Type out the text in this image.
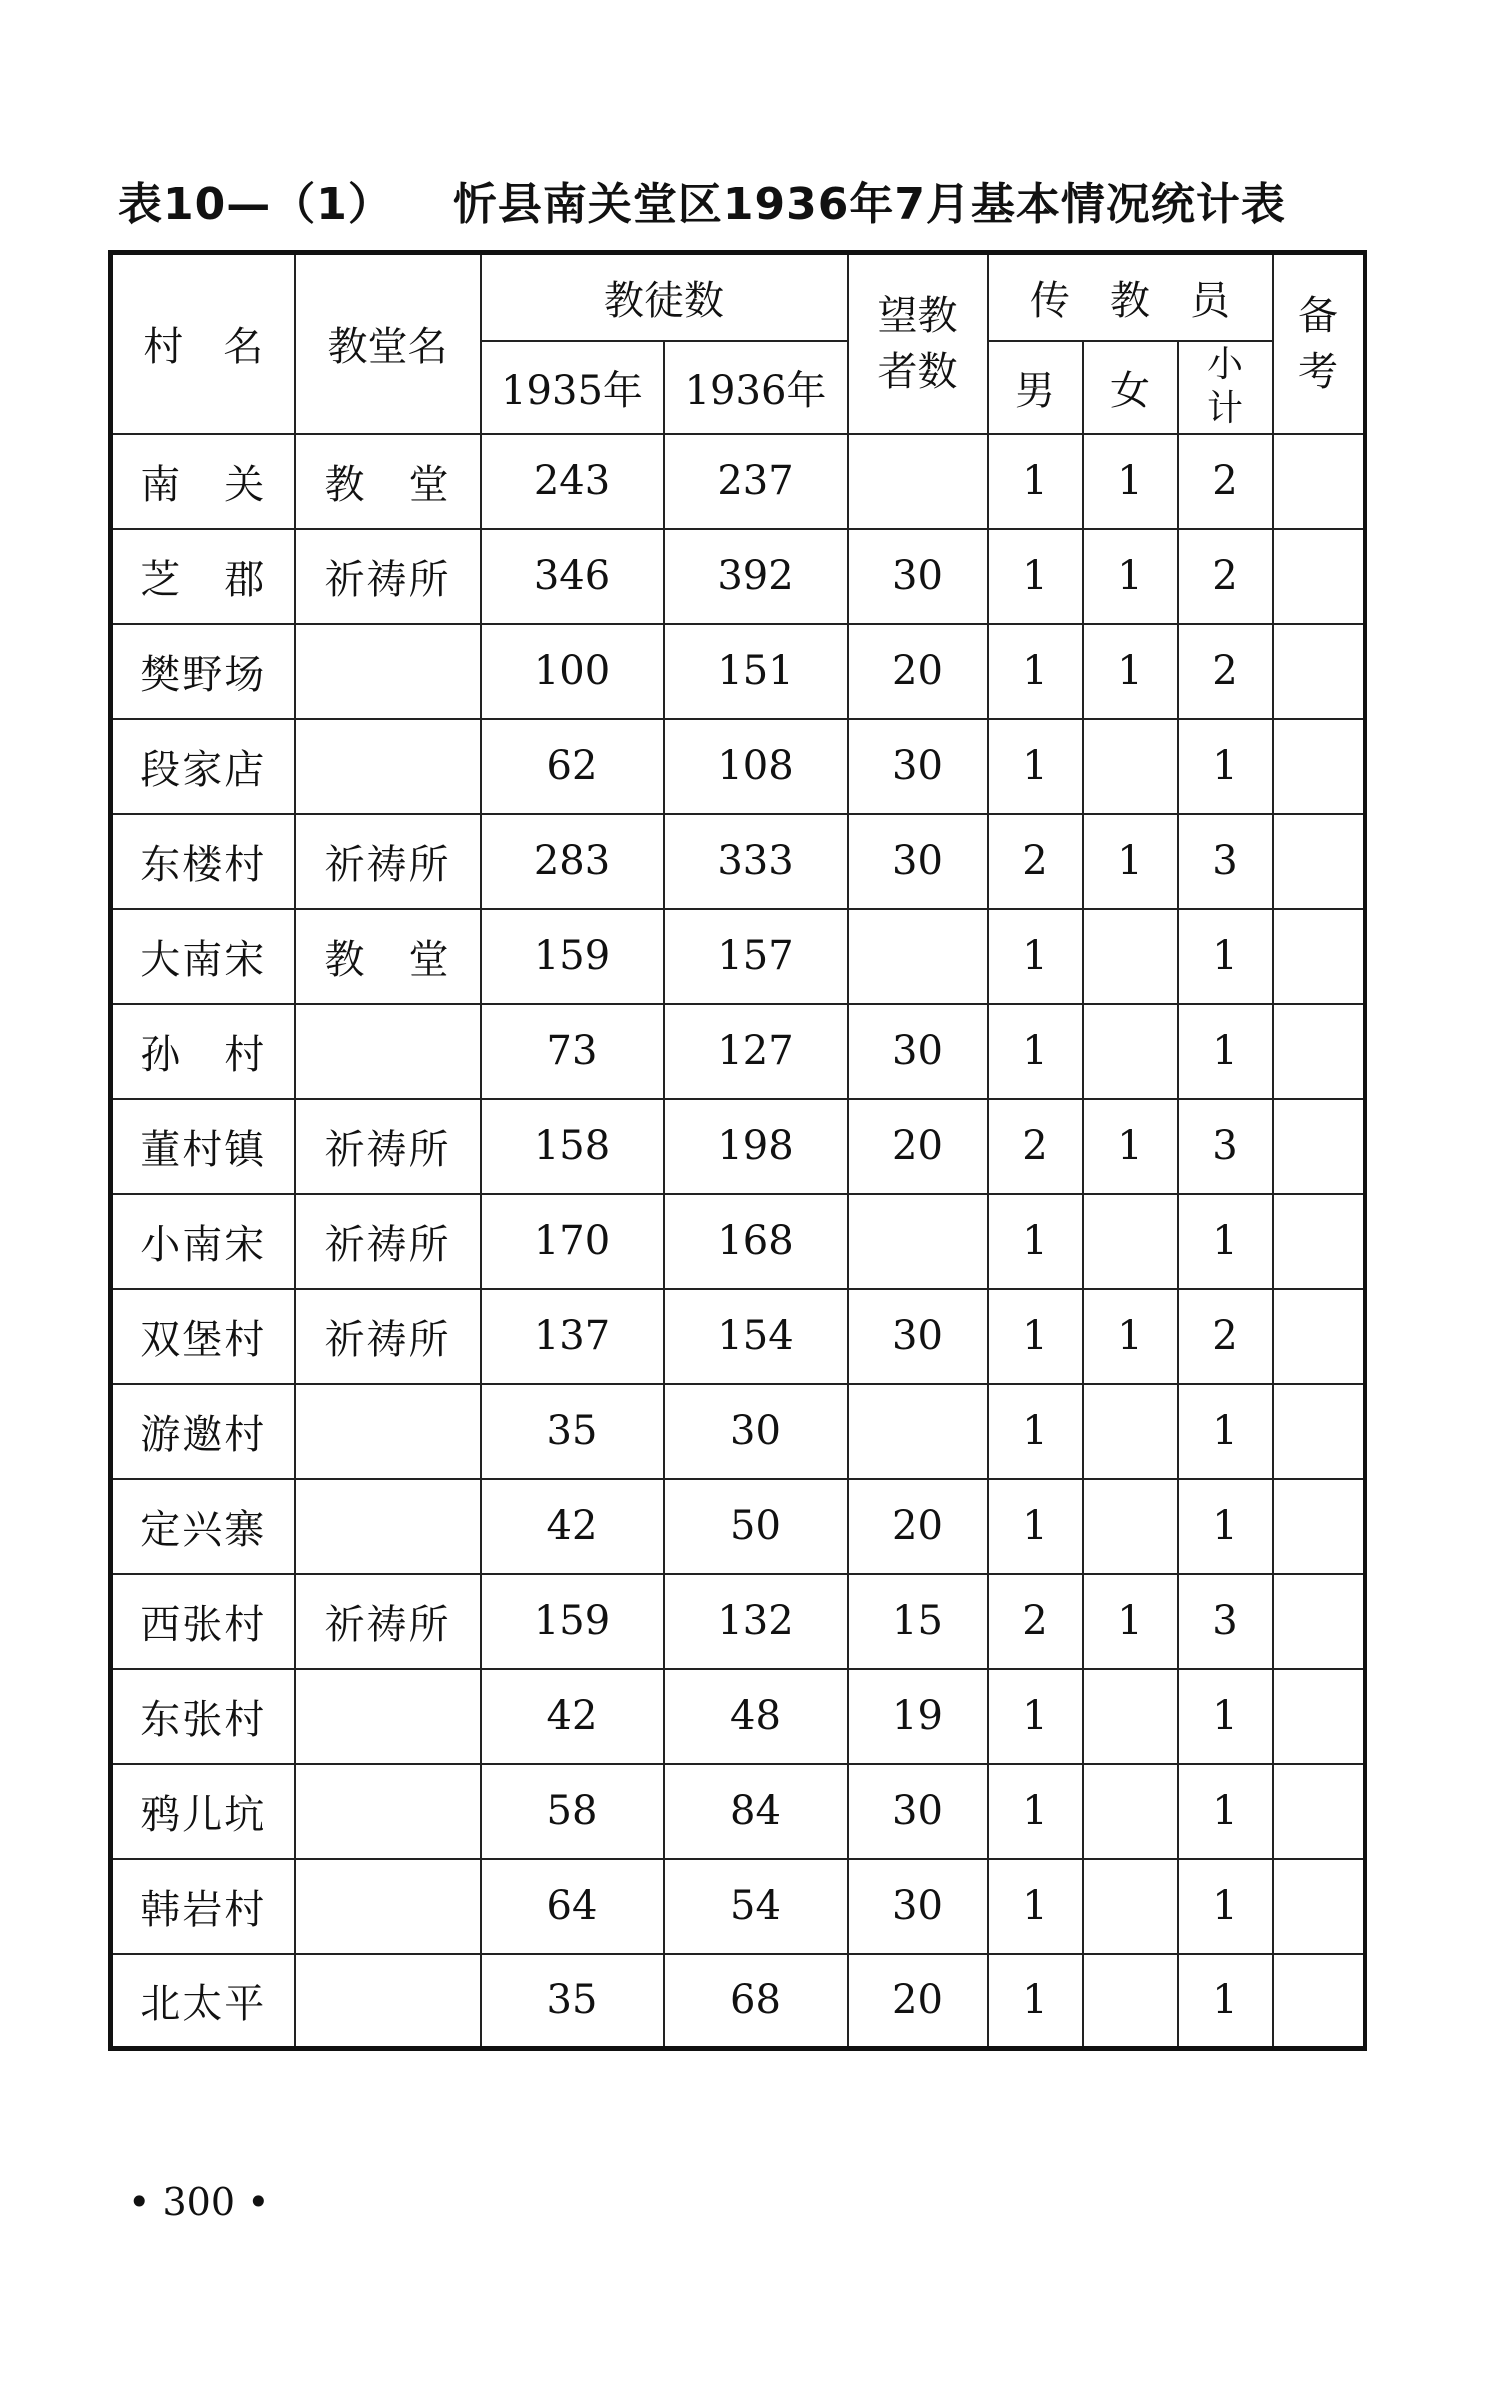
表10—（1） 忻县南关堂区1936年7月基本情况统计表
村　名	教堂名	教徒数		望教
者数	传　教　员			备
考

		1935年	1936年		男	女	小
计	

南　关	教　堂	243	237		1	1	2	
芝　郡	祈祷所	346	392	30	1	1	2	
樊野场		100	151	20	1	1	2	
段家店		62	108	30	1		1	
东楼村	祈祷所	283	333	30	2	1	3	
大南宋	教　堂	159	157		1		1	
孙　村		73	127	30	1		1	
董村镇	祈祷所	158	198	20	2	1	3	
小南宋	祈祷所	170	168		1		1	
双堡村	祈祷所	137	154	30	1	1	2	
游邀村		35	30		1		1	
定兴寨		42	50	20	1		1	
西张村	祈祷所	159	132	15	2	1	3	
东张村		42	48	19	1		1	
鸦儿坑		58	84	30	1		1	
韩岩村		64	54	30	1		1	
北太平		35	68	20	1		1	
• 300 •
